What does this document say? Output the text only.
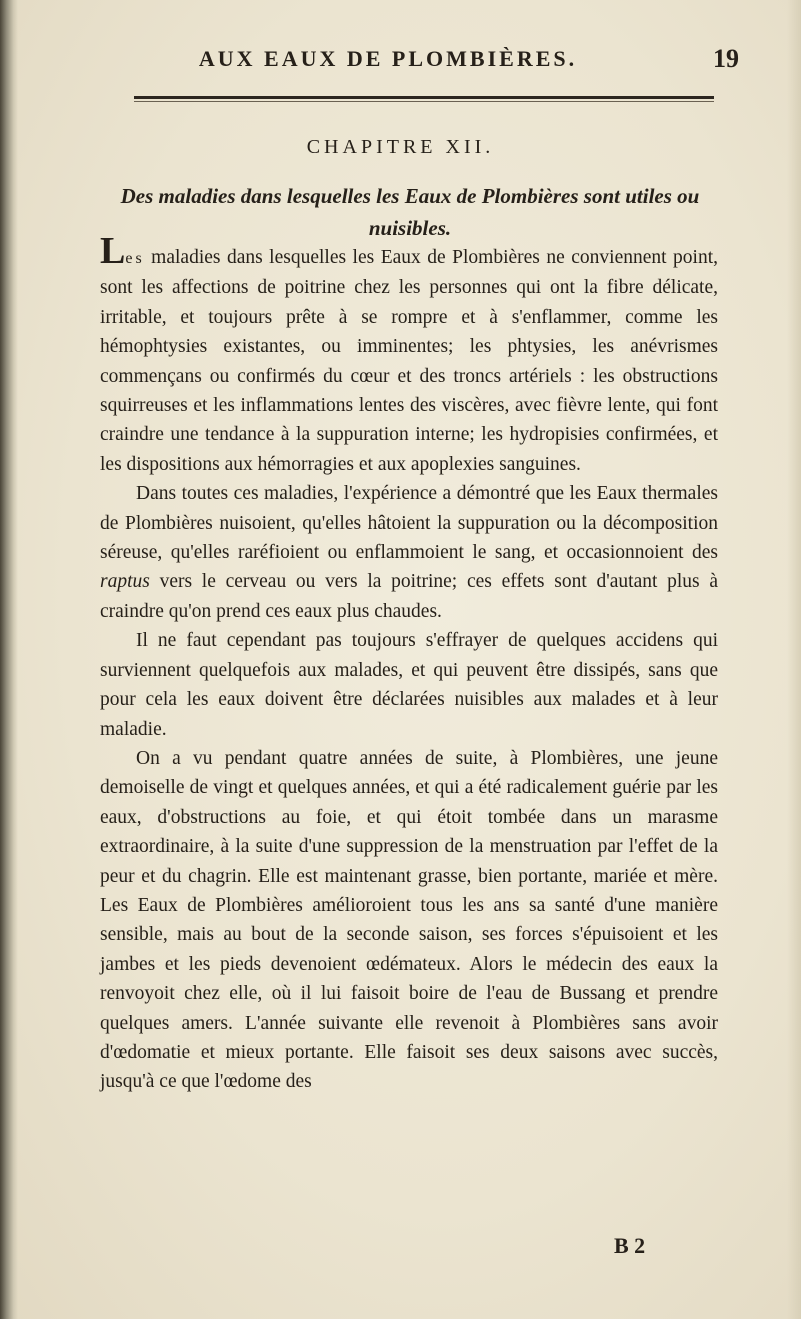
AUX EAUX DE PLOMBIÈRES.	19
CHAPITRE XII.
Des maladies dans lesquelles les Eaux de Plombières sont utiles ou nuisibles.

Les maladies dans lesquelles les Eaux de Plombières ne conviennent point, sont les affections de poitrine chez les personnes qui ont la fibre délicate, irritable, et toujours prête à se rompre et à s'enflammer, comme les hémophtysies existantes, ou imminentes; les phtysies, les anévrismes commençans ou confirmés du cœur et des troncs artériels : les obstructions squirreuses et les inflammations lentes des viscères, avec fièvre lente, qui font craindre une tendance à la suppuration interne; les hydropisies confirmées, et les dispositions aux hémorragies et aux apoplexies sanguines.

Dans toutes ces maladies, l'expérience a démontré que les Eaux thermales de Plombières nuisoient, qu'elles hâtoient la suppuration ou la décomposition séreuse, qu'elles raréfioient ou enflammoient le sang, et occasionnoient des raptus vers le cerveau ou vers la poitrine; ces effets sont d'autant plus à craindre qu'on prend ces eaux plus chaudes.

Il ne faut cependant pas toujours s'effrayer de quelques accidens qui surviennent quelquefois aux malades, et qui peuvent être dissipés, sans que pour cela les eaux doivent être déclarées nuisibles aux malades et à leur maladie.

On a vu pendant quatre années de suite, à Plombières, une jeune demoiselle de vingt et quelques années, et qui a été radicalement guérie par les eaux, d'obstructions au foie, et qui étoit tombée dans un marasme extraordinaire, à la suite d'une suppression de la menstruation par l'effet de la peur et du chagrin. Elle est maintenant grasse, bien portante, mariée et mère. Les Eaux de Plombières amélioroient tous les ans sa santé d'une manière sensible, mais au bout de la seconde saison, ses forces s'épuisoient et les jambes et les pieds devenoient œdémateux. Alors le médecin des eaux la renvoyoit chez elle, où il lui faisoit boire de l'eau de Bussang et prendre quelques amers. L'année suivante elle revenoit à Plombières sans avoir d'œdomatie et mieux portante. Elle faisoit ses deux saisons avec succès, jusqu'à ce que l'œdome des

B 2
